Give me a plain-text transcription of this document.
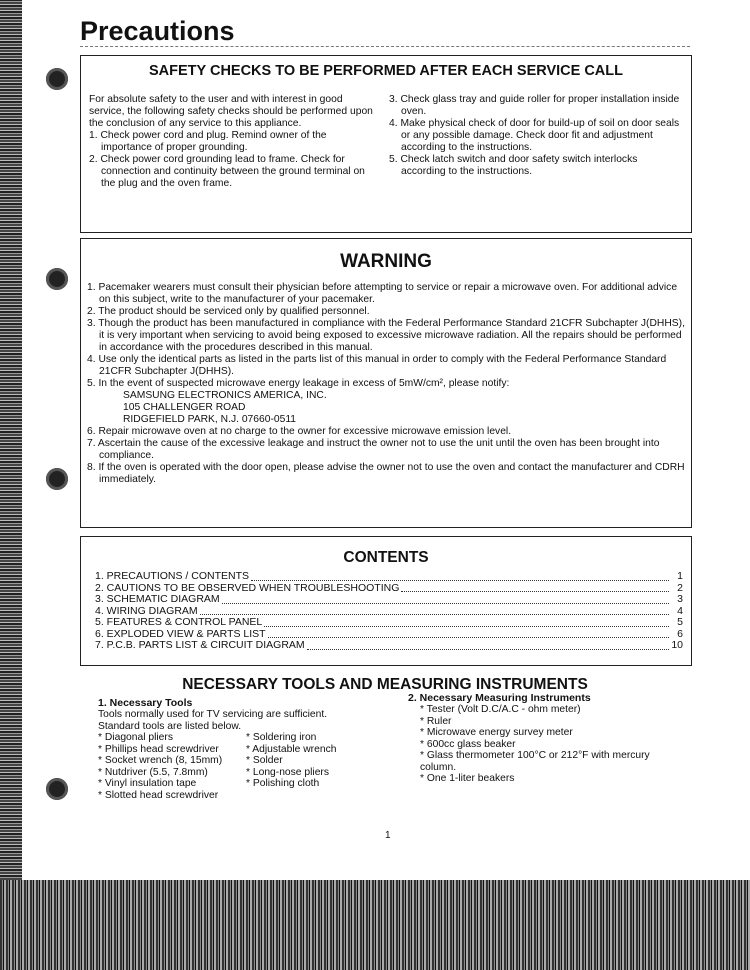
Precautions
SAFETY CHECKS TO BE PERFORMED AFTER EACH SERVICE CALL

For absolute safety to the user and with interest in good service, the following safety checks should be performed upon the conclusion of any service to this appliance.

1. Check power cord and plug. Remind owner of the importance of proper grounding.

2. Check power cord grounding lead to frame. Check for connection and continuity between the ground terminal on the plug and the oven frame.

3. Check glass tray and guide roller for proper installation inside oven.

4. Make physical check of door for build-up of soil on door seals or any possible damage. Check door fit and adjustment according to the instructions.

5. Check latch switch and door safety switch interlocks according to the instructions.

WARNING

1. Pacemaker wearers must consult their physician before attempting to service or repair a microwave oven. For additional advice on this subject, write to the manufacturer of your pacemaker.

2. The product should be serviced only by qualified personnel.

3. Though the product has been manufactured in compliance with the Federal Performance Standard 21CFR Subchapter J(DHHS), it is very important when servicing to avoid being exposed to excessive microwave radiation. All the repairs should be performed in accordance with the procedures described in this manual.

4. Use only the identical parts as listed in the parts list of this manual in order to comply with the Federal Performance Standard 21CFR Subchapter J(DHHS).

5. In the event of suspected microwave energy leakage in excess of 5mW/cm², please notify:

SAMSUNG ELECTRONICS AMERICA, INC.

105 CHALLENGER ROAD

RIDGEFIELD PARK, N.J. 07660-0511

6. Repair microwave oven at no charge to the owner for excessive microwave emission level.

7. Ascertain the cause of the excessive leakage and instruct the owner not to use the unit until the oven has been brought into compliance.

8. If the oven is operated with the door open, please advise the owner not to use the oven and contact the manufacturer and CDRH immediately.

CONTENTS
1. PRECAUTIONS / CONTENTS	1
2. CAUTIONS TO BE OBSERVED WHEN TROUBLESHOOTING	2
3. SCHEMATIC DIAGRAM	3
4. WIRING DIAGRAM	4
5. FEATURES & CONTROL PANEL	5
6. EXPLODED VIEW & PARTS LIST	6
7. P.C.B. PARTS LIST & CIRCUIT DIAGRAM	10
NECESSARY TOOLS AND MEASURING INSTRUMENTS
1. Necessary Tools
Tools normally used for TV servicing are sufficient.
Standard tools are listed below.
* Diagonal pliers	* Soldering iron
* Phillips head screwdriver	* Adjustable wrench
* Socket wrench (8, 15mm)	* Solder
* Nutdriver (5.5, 7.8mm)	* Long-nose pliers
* Vinyl insulation tape	* Polishing cloth
* Slotted head screwdriver
2. Necessary Measuring Instruments
* Tester (Volt D.C/A.C - ohm meter)
* Ruler
* Microwave energy survey meter
* 600cc glass beaker
* Glass thermometer 100°C or 212°F with mercury column.
* One 1-liter beakers
1
